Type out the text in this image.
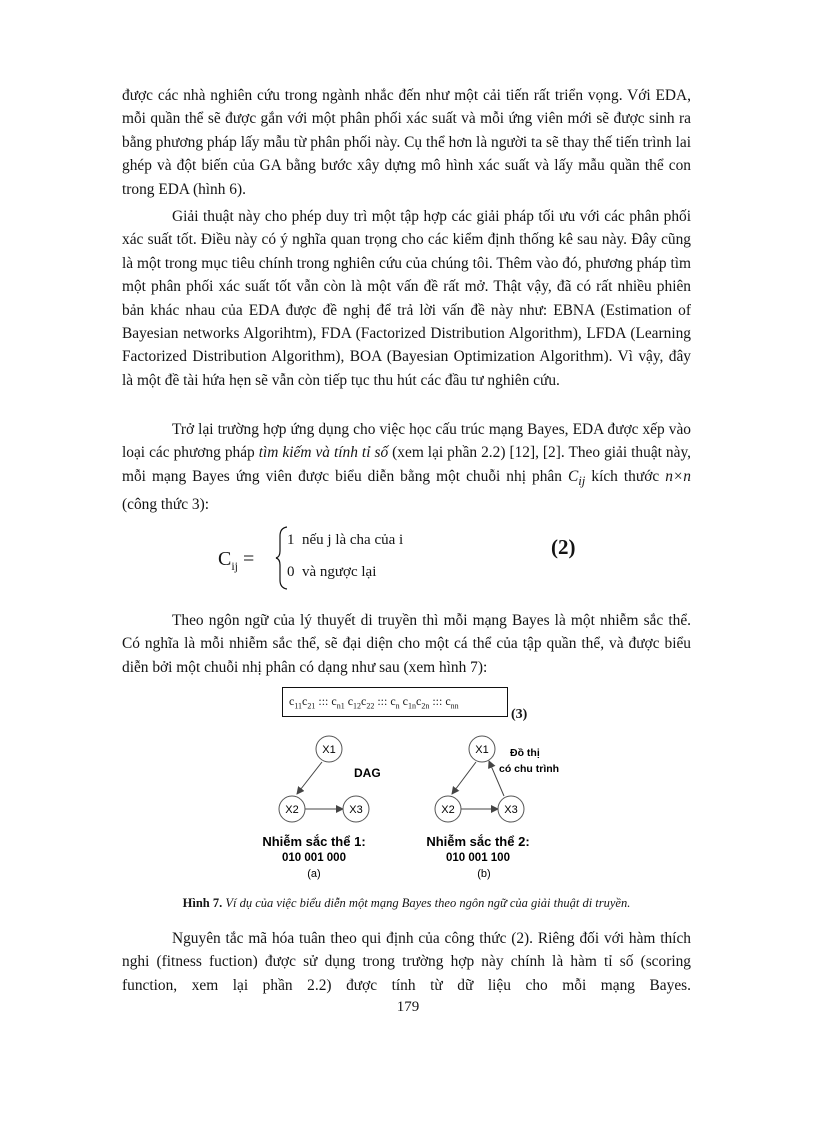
được các nhà nghiên cứu trong ngành nhắc đến như một cải tiến rất triển vọng. Với EDA, mỗi quần thể sẽ được gắn với một phân phối xác suất và mỗi ứng viên mới sẽ được sinh ra bằng phương pháp lấy mẫu từ phân phối này. Cụ thể hơn là người ta sẽ thay thế tiến trình lai ghép và đột biến của GA bằng bước xây dựng mô hình xác suất và lấy mẫu quần thể con trong EDA (hình 6).

Giải thuật này cho phép duy trì một tập hợp các giải pháp tối ưu với các phân phối xác suất tốt. Điều này có ý nghĩa quan trọng cho các kiểm định thống kê sau này. Đây cũng là một trong mục tiêu chính trong nghiên cứu của chúng tôi. Thêm vào đó, phương pháp tìm một phân phối xác suất tốt vẫn còn là một vấn đề rất mở. Thật vậy, đã có rất nhiều phiên bản khác nhau của EDA được đề nghị để trả lời vấn đề này như: EBNA (Estimation of Bayesian networks Algorihtm), FDA (Factorized Distribution Algorithm), LFDA (Learning Factorized Distribution Algorithm), BOA (Bayesian Optimization Algorithm). Vì vậy, đây là một đề tài hứa hẹn sẽ vẫn còn tiếp tục thu hút các đầu tư nghiên cứu.

Trở lại trường hợp ứng dụng cho việc học cấu trúc mạng Bayes, EDA được xếp vào loại các phương pháp tìm kiếm và tính tỉ số (xem lại phần 2.2) [12], [2]. Theo giải thuật này, mỗi mạng Bayes ứng viên được biểu diễn bằng một chuỗi nhị phân $C_{ij}$ kích thước n×n (công thức 3):

$C_{ij}$ =
1 nếu j là cha của i
0 và ngược lại
(2)

Theo ngôn ngữ của lý thuyết di truyền thì mỗi mạng Bayes là một nhiễm sắc thể. Có nghĩa là mỗi nhiễm sắc thể, sẽ đại diện cho một cá thể của tập quần thể, và được biểu diễn bởi một chuỗi nhị phân có dạng như sau (xem hình 7):

$c_{11}c_{21}$ ::: $c_{n1}$ $c_{12}c_{22}$ ::: $c_n$ $c_{1n}c_{2n}$ ::: $c_{nn}$
(3)
X1
X2	X3
DAG
Nhiễm sắc thể 1:
010 001 000
(a)
X1
X2	X3
Đồ thị
có chu trình
Nhiễm sắc thể 2:
010 001 100
(b)
Hình 7. Ví dụ của việc biểu diễn một mạng Bayes theo ngôn ngữ của giải thuật di truyền.

Nguyên tắc mã hóa tuân theo qui định của công thức (2). Riêng đối với hàm thích nghi (fitness fuction) được sử dụng trong trường hợp này chính là hàm tỉ số (scoring function, xem lại phần 2.2) được tính từ dữ liệu cho mỗi mạng Bayes.

179
